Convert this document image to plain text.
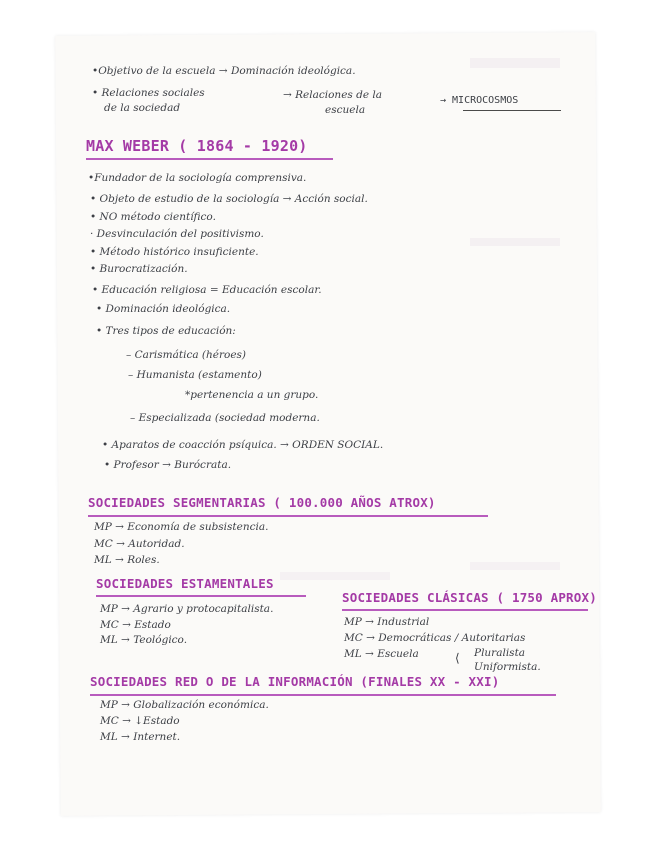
•Objetivo de la escuela → Dominación ideológica.
• Relaciones sociales
de la sociedad
→ Relaciones de la
escuela
→ MICROCOSMOS
MAX WEBER ( 1864 - 1920)
•Fundador de la sociología comprensiva.
• Objeto de estudio de la sociología → Acción social.
• NO método científico.
· Desvinculación del positivismo.
• Método histórico insuficiente.
• Burocratización.
• Educación religiosa = Educación escolar.
• Dominación ideológica.
• Tres tipos de educación:
– Carismática (héroes)
– Humanista (estamento)
*pertenencia a un grupo.
– Especializada (sociedad moderna.
• Aparatos de coacción psíquica. → ORDEN SOCIAL.
• Profesor → Burócrata.
SOCIEDADES SEGMENTARIAS ( 100.000 AÑOS ATROX)
MP → Economía de subsistencia.
MC → Autoridad.
ML → Roles.
SOCIEDADES ESTAMENTALES
MP → Agrario y protocapitalista.
MC → Estado
ML → Teológico.
SOCIEDADES CLÁSICAS ( 1750 APROX)
MP → Industrial
MC → Democráticas / Autoritarias
ML → Escuela	⟨ Pluralista
Uniformista.
SOCIEDADES RED O DE LA INFORMACIÓN (FINALES XX - XXI)
MP → Globalización económica.
MC → ↓Estado
ML → Internet.
